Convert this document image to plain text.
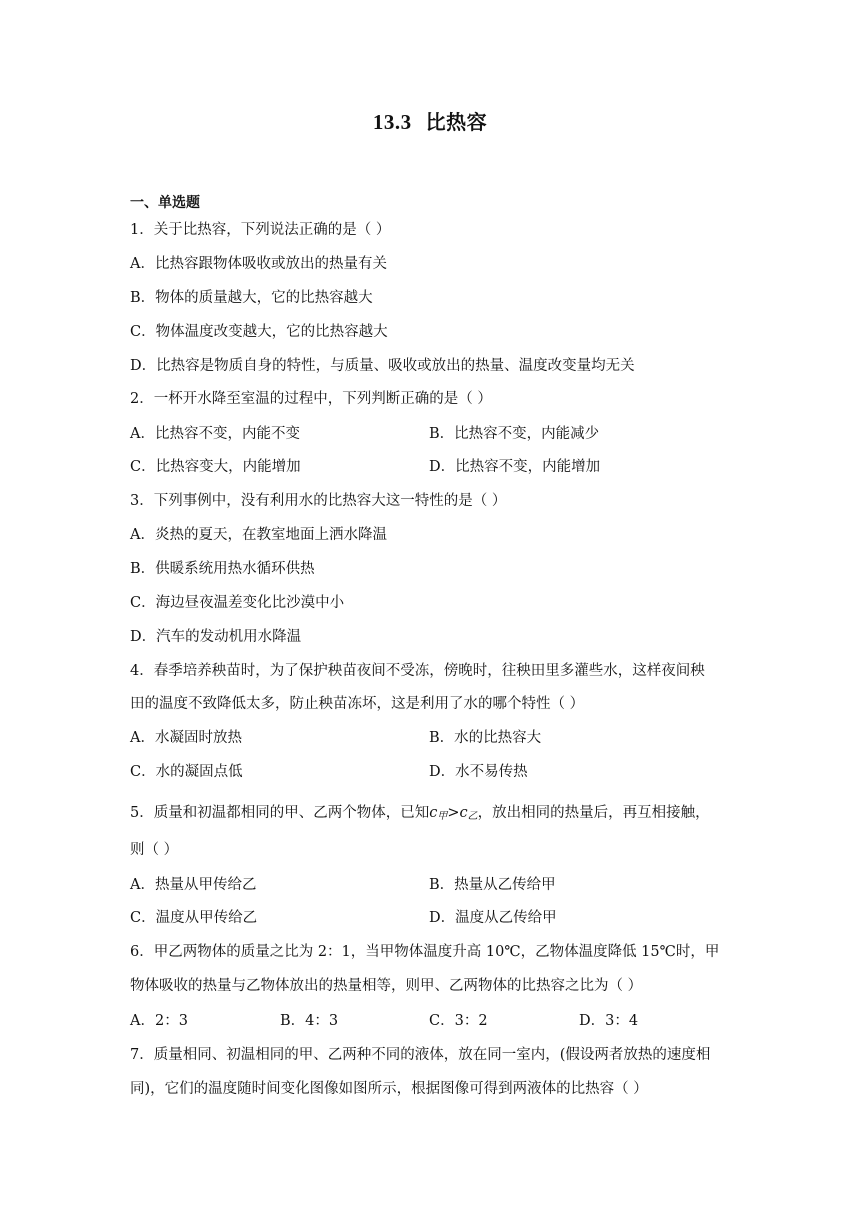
13.3 比热容
一、单选题
1．关于比热容，下列说法正确的是（ ）
A．比热容跟物体吸收或放出的热量有关
B．物体的质量越大，它的比热容越大
C．物体温度改变越大，它的比热容越大
D．比热容是物质自身的特性，与质量、吸收或放出的热量、温度改变量均无关
2．一杯开水降至室温的过程中，下列判断正确的是（ ）
A．比热容不变，内能不变	B．比热容不变，内能减少
C．比热容变大，内能增加	D．比热容不变，内能增加
3．下列事例中，没有利用水的比热容大这一特性的是（ ）
A．炎热的夏天，在教室地面上洒水降温
B．供暖系统用热水循环供热
C．海边昼夜温差变化比沙漠中小
D．汽车的发动机用水降温
4．春季培养秧苗时，为了保护秧苗夜间不受冻，傍晚时，往秧田里多灌些水，这样夜间秧
田的温度不致降低太多，防止秧苗冻坏，这是利用了水的哪个特性（ ）
A．水凝固时放热	B．水的比热容大
C．水的凝固点低	D．水不易传热
5．质量和初温都相同的甲、乙两个物体，已知$c_甲>c_乙$，放出相同的热量后，再互相接触，
则（ ）
A．热量从甲传给乙	B．热量从乙传给甲
C．温度从甲传给乙	D．温度从乙传给甲
6．甲乙两物体的质量之比为 2：1，当甲物体温度升高 10℃，乙物体温度降低 15℃时，甲
物体吸收的热量与乙物体放出的热量相等，则甲、乙两物体的比热容之比为（ ）
A．2：3	B．4：3	C．3：2	D．3：4
7．质量相同、初温相同的甲、乙两种不同的液体，放在同一室内，(假设两者放热的速度相
同)，它们的温度随时间变化图像如图所示，根据图像可得到两液体的比热容（ ）
